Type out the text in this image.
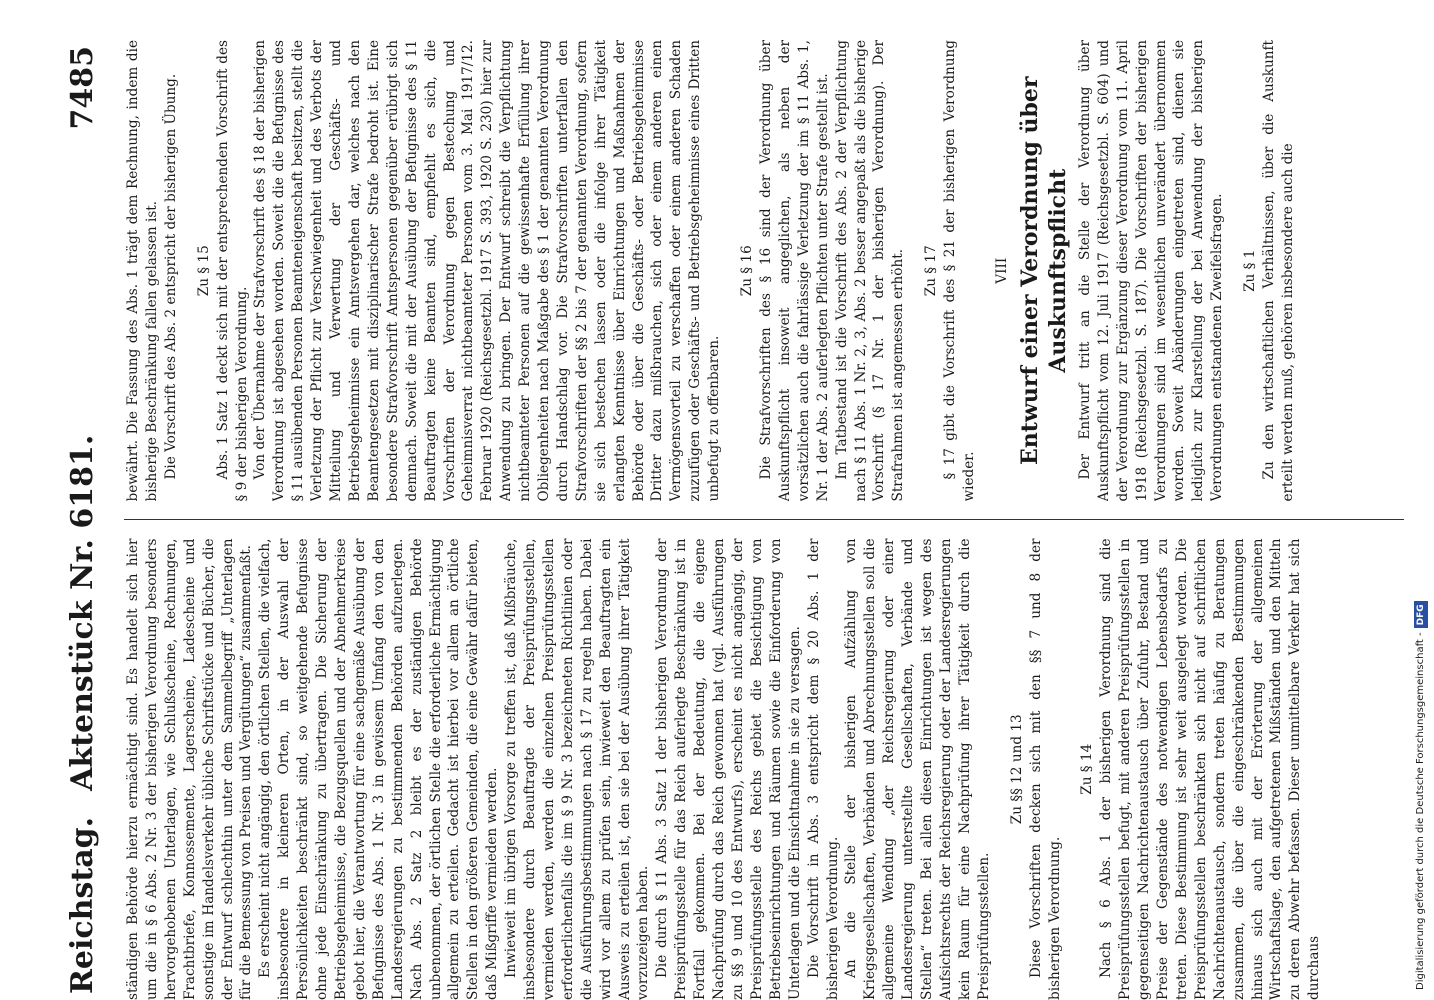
Reichstag.
Aktenstück Nr. 6181.
7485

ständigen Behörde hierzu ermächtigt sind. Es handelt sich hier um die in § 6 Abs. 2 Nr. 3 der bisherigen Verordnung besonders hervorgehobenen Unterlagen, wie Schlußscheine, Rechnungen, Frachtbriefe, Konnossemente, Lagerscheine, Ladescheine und sonstige im Handelsverkehr übliche Schriftstücke und Bücher, die der Entwurf schlechthin unter dem Sammelbegriff „Unterlagen für die Bemessung von Preisen und Vergütungen“ zusammenfaßt. Es erscheint nicht angängig, den örtlichen Stellen, die vielfach, insbesondere in kleineren Orten, in der Auswahl der Persönlichkeiten beschränkt sind, so weitgehende Befugnisse ohne jede Einschränkung zu übertragen. Die Sicherung der Betriebsgeheimnisse, die Bezugsquellen und der Abnehmerkreise gebot hier, die Verantwortung für eine sachgemäße Ausübung der Befugnisse des Abs. 1 Nr. 3 in gewissem Umfang den von den Landesregierungen zu bestimmenden Behörden aufzuerlegen. Nach Abs. 2 Satz 2 bleibt es der zuständigen Behörde unbenommen, der örtlichen Stelle die erforderliche Ermächtigung allgemein zu erteilen. Gedacht ist hierbei vor allem an örtliche Stellen in den größeren Gemeinden, die eine Gewähr dafür bieten, daß Mißgriffe vermieden werden. Inwieweit im übrigen Vorsorge zu treffen ist, daß Mißbräuche, insbesondere durch Beauftragte der Preisprüfungsstellen, vermieden werden, werden die einzelnen Preisprüfungsstellen erforderlichenfalls die im § 9 Nr. 3 bezeichneten Richtlinien oder die Ausführungsbestimmungen nach § 17 zu regeln haben. Dabei wird vor allem zu prüfen sein, inwieweit den Beauftragten ein Ausweis zu erteilen ist, den sie bei der Ausübung ihrer Tätigkeit vorzuzeigen haben. Die durch § 11 Abs. 3 Satz 1 der bisherigen Verordnung der Preisprüfungsstelle für das Reich auferlegte Beschränkung ist in Fortfall gekommen. Bei der Bedeutung, die die eigene Nachprüfung durch das Reich gewonnen hat (vgl. Ausführungen zu §§ 9 und 10 des Entwurfs), erscheint es nicht angängig, der Preisprüfungsstelle des Reichs gebiet die Besichtigung von Betriebseinrichtungen und Räumen sowie die Einforderung von Unterlagen und die Einsichtnahme in sie zu versagen. Die Vorschrift in Abs. 3 entspricht dem § 20 Abs. 1 der bisherigen Verordnung. An die Stelle der bisherigen Aufzählung von Kriegsgesellschaften, Verbänden und Abrechnungsstellen soll die allgemeine Wendung „der Reichsregierung oder einer Landesregierung unterstellte Gesellschaften, Verbände und Stellen“ treten. Bei allen diesen Einrichtungen ist wegen des Aufsichtsrechts der Reichsregierung oder der Landesregierungen kein Raum für eine Nachprüfung ihrer Tätigkeit durch die Preisprüfungsstellen.

Zu §§ 12 und 13 Diese Vorschriften decken sich mit den §§ 7 und 8 der bisherigen Verordnung.

Zu § 14 Nach § 6 Abs. 1 der bisherigen Verordnung sind die Preisprüfungsstellen befugt, mit anderen Preisprüfungsstellen in gegenseitigen Nachrichtenaustausch über Zufuhr, Bestand und Preise der Gegenstände des notwendigen Lebensbedarfs zu treten. Diese Bestimmung ist sehr weit ausgelegt worden. Die Preisprüfungsstellen beschränkten sich nicht auf schriftlichen Nachrichtenaustausch, sondern treten häufig zu Beratungen zusammen, die über die eingeschränkenden Bestimmungen hinaus sich auch mit der Erörterung der allgemeinen Wirtschaftslage, den aufgetretenen Mißständen und den Mitteln zu deren Abwehr befassen. Dieser unmittelbare Verkehr hat sich durchaus

bewährt. Die Fassung des Abs. 1 trägt dem Rechnung, indem die bisherige Beschränkung fallen gelassen ist. Die Vorschrift des Abs. 2 entspricht der bisherigen Übung. Zu § 15 Abs. 1 Satz 1 deckt sich mit der entsprechenden Vorschrift des § 9 der bisherigen Verordnung. Von der Übernahme der Strafvorschrift des § 18 der bisherigen Verordnung ist abgesehen worden. Soweit die die Befugnisse des § 11 ausübenden Personen Beamteneigenschaft besitzen, stellt die Verletzung der Pflicht zur Verschwiegenheit und des Verbots der Mitteilung und Verwertung der Geschäfts- und Betriebsgeheimnisse ein Amtsvergehen dar, welches nach den Beamtengesetzen mit disziplinarischer Strafe bedroht ist. Eine besondere Strafvorschrift Amtspersonen gegenüber erübrigt sich demnach. Soweit die mit der Ausübung der Befugnisse des § 11 Beauftragten keine Beamten sind, empfiehlt es sich, die Vorschriften der Verordnung gegen Bestechung und Geheimnisverrat nichtbeamteter Personen vom 3. Mai 1917/12. Februar 1920 (Reichsgesetzbl. 1917 S. 393, 1920 S. 230) hier zur Anwendung zu bringen. Der Entwurf schreibt die Verpflichtung nichtbeamteter Personen auf die gewissenhafte Erfüllung ihrer Obliegenheiten nach Maßgabe des § 1 der genannten Verordnung durch Handschlag vor. Die Strafvorschriften unterfallen den Strafvorschriften der §§ 2 bis 7 der genannten Verordnung, sofern sie sich bestechen lassen oder die infolge ihrer Tätigkeit erlangten Kenntnisse über Einrichtungen und Maßnahmen der Behörde oder über die Geschäfts- oder Betriebsgeheimnisse Dritter dazu mißbrauchen, sich oder einem anderen einen Vermögensvorteil zu verschaffen oder einem anderen Schaden zuzufügen oder Geschäfts- und Betriebsgeheimnisse eines Dritten unbefugt zu offenbaren.

Zu § 16 Die Strafvorschriften des § 16 sind der Verordnung über Auskunftspflicht insoweit angeglichen, als neben der vorsätzlichen auch die fahrlässige Verletzung der im § 11 Abs. 1, Nr. 1 der Abs. 2 auferlegten Pflichten unter Strafe gestellt ist. Im Tatbestand ist die Vorschrift des Abs. 2 der Verpflichtung nach § 11 Abs. 1 Nr. 2, 3, Abs. 2 besser angepaßt als die bisherige Vorschrift (§ 17 Nr. 1 der bisherigen Verordnung). Der Strafrahmen ist angemessen erhöht. Zu § 17 § 17 gibt die Vorschrift des § 21 der bisherigen Verordnung wieder.

VIII Entwurf einer Verordnung über Auskunftspflicht Der Entwurf tritt an die Stelle der Verordnung über Auskunftspflicht vom 12. Juli 1917 (Reichsgesetzbl. S. 604) und der Verordnung zur Ergänzung dieser Verordnung vom 11. April 1918 (Reichsgesetzbl. S. 187). Die Vorschriften der bisherigen Verordnungen sind im wesentlichen unverändert übernommen worden. Soweit Abänderungen eingetreten sind, dienen sie lediglich zur Klarstellung der bei Anwendung der bisherigen Verordnungen entstandenen Zweifelsfragen. Zu § 1 Zu den wirtschaftlichen Verhältnissen, über die Auskunft erteilt werden muß, gehören insbesondere auch die

Digitalisierung gefördert durch die Deutsche Forschungsgemeinschaft -
DFG
